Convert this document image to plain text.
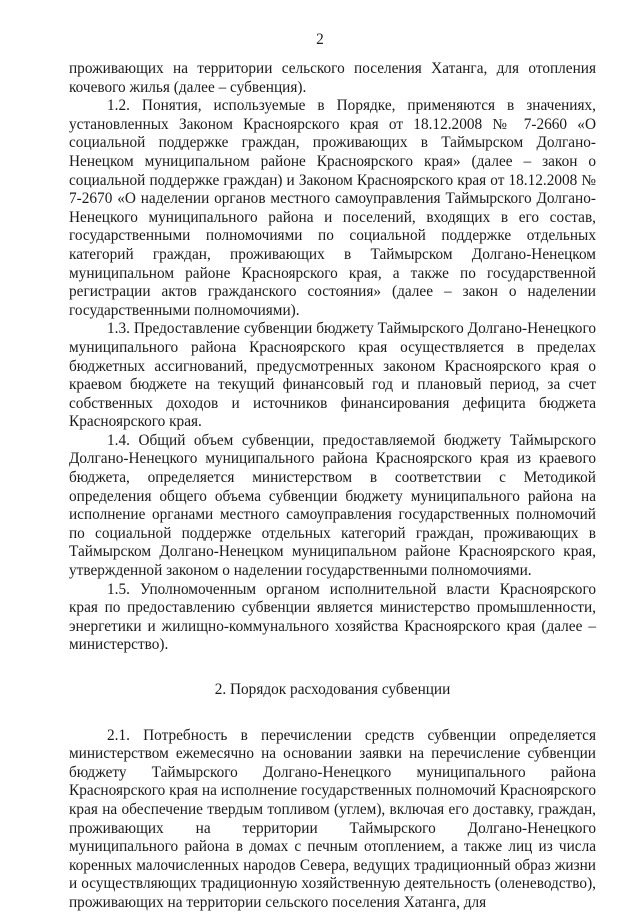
2

проживающих на территории сельского поселения Хатанга, для отопления кочевого жилья (далее – субвенция).

1.2. Понятия, используемые в Порядке, применяются в значениях, установленных Законом Красноярского края от 18.12.2008 № 7-2660 «О социальной поддержке граждан, проживающих в Таймырском Долгано-Ненецком муниципальном районе Красноярского края» (далее – закон о социальной поддержке граждан) и Законом Красноярского края от 18.12.2008 № 7-2670 «О наделении органов местного самоуправления Таймырского Долгано-Ненецкого муниципального района и поселений, входящих в его состав, государственными полномочиями по социальной поддержке отдельных категорий граждан, проживающих в Таймырском Долгано-Ненецком муниципальном районе Красноярского края, а также по государственной регистрации актов гражданского состояния» (далее – закон о наделении государственными полномочиями).

1.3. Предоставление субвенции бюджету Таймырского Долгано-Ненецкого муниципального района Красноярского края осуществляется в пределах бюджетных ассигнований, предусмотренных законом Красноярского края о краевом бюджете на текущий финансовый год и плановый период, за счет собственных доходов и источников финансирования дефицита бюджета Красноярского края.

1.4. Общий объем субвенции, предоставляемой бюджету Таймырского Долгано-Ненецкого муниципального района Красноярского края из краевого бюджета, определяется министерством в соответствии с Методикой определения общего объема субвенции бюджету муниципального района на исполнение органами местного самоуправления государственных полномочий по социальной поддержке отдельных категорий граждан, проживающих в Таймырском Долгано-Ненецком муниципальном районе Красноярского края, утвержденной законом о наделении государственными полномочиями.

1.5. Уполномоченным органом исполнительной власти Красноярского края по предоставлению субвенции является министерство промышленности, энергетики и жилищно-коммунального хозяйства Красноярского края (далее – министерство).

2. Порядок расходования субвенции

2.1. Потребность в перечислении средств субвенции определяется министерством ежемесячно на основании заявки на перечисление субвенции бюджету Таймырского Долгано-Ненецкого муниципального района Красноярского края на исполнение государственных полномочий Красноярского края на обеспечение твердым топливом (углем), включая его доставку, граждан, проживающих на территории Таймырского Долгано-Ненецкого муниципального района в домах с печным отоплением, а также лиц из числа коренных малочисленных народов Севера, ведущих традиционный образ жизни и осуществляющих традиционную хозяйственную деятельность (оленеводство), проживающих на территории сельского поселения Хатанга, для
